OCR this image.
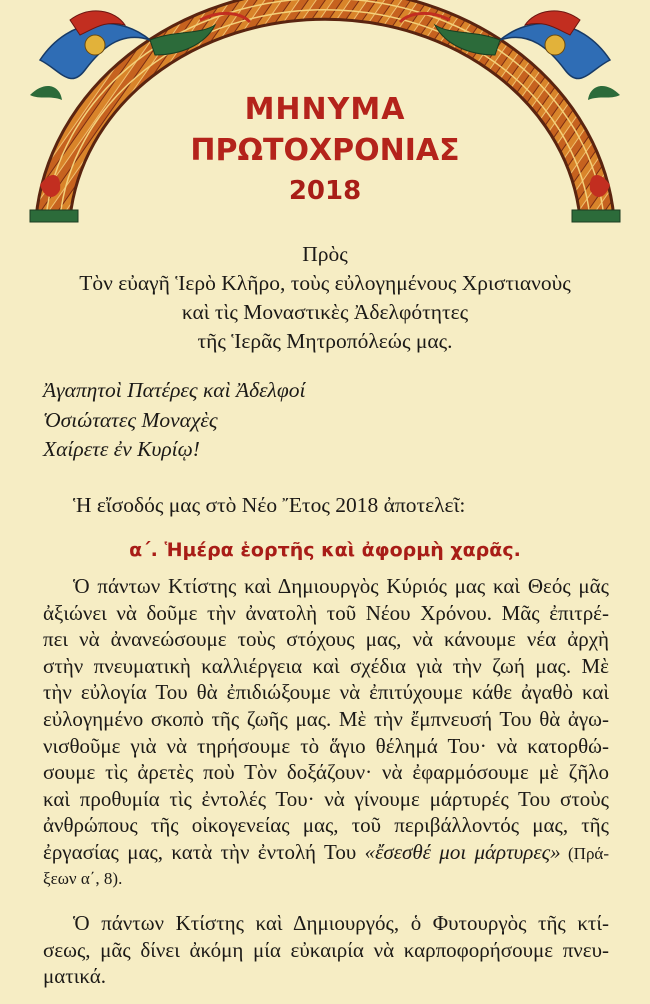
ΜΗΝΥΜΑ
ΠΡΩΤΟΧΡΟΝΙΑΣ
2018
Πρὸς
Τὸν εὐαγῆ Ἱερὸ Κλῆρο, τοὺς εὐλογημένους Χριστιανοὺς
καὶ τὶς Μοναστικὲς Ἀδελφότητες
τῆς Ἱερᾶς Μητροπόλεώς μας.
Ἀγαπητοὶ Πατέρες καὶ Ἀδελφοί
Ὁσιώτατες Μοναχὲς
Χαίρετε ἐν Κυρίῳ!
Ἡ εἴσοδός μας στὸ Νέο Ἔτος 2018 ἀποτελεῖ:
α΄. Ἡμέρα ἑορτῆς καὶ ἀφορμὴ χαρᾶς.
Ὁ πάντων Κτίστης καὶ Δημιουργὸς Κύριός μας καὶ Θεός μᾶς
ἀξιώνει νὰ δοῦμε τὴν ἀνατολὴ τοῦ Νέου Χρόνου. Μᾶς ἐπιτρέ-
πει νὰ ἀνανεώσουμε τοὺς στόχους μας, νὰ κάνουμε νέα ἀρχὴ
στὴν πνευματικὴ καλλιέργεια καὶ σχέδια γιὰ τὴν ζωή μας. Μὲ
τὴν εὐλογία Του θὰ ἐπιδιώξουμε νὰ ἐπιτύχουμε κάθε ἀγαθὸ καὶ
εὐλογημένο σκοπὸ τῆς ζωῆς μας. Μὲ τὴν ἔμπνευσή Του θὰ ἀγω-
νισθοῦμε γιὰ νὰ τηρήσουμε τὸ ἅγιο θέλημά Του· νὰ κατορθώ-
σουμε τὶς ἀρετὲς ποὺ Τὸν δοξάζουν· νὰ ἐφαρμόσουμε μὲ ζῆλο
καὶ προθυμία τὶς ἐντολές Του· νὰ γίνουμε μάρτυρές Του στοὺς
ἀνθρώπους τῆς οἰκογενείας μας, τοῦ περιβάλλοντός μας, τῆς
ἐργασίας μας, κατὰ τὴν ἐντολή Του «ἔσεσθέ μοι μάρτυρες» (Πρά-
ξεων α΄, 8).
Ὁ πάντων Κτίστης καὶ Δημιουργός, ὁ Φυτουργὸς τῆς κτί-
σεως, μᾶς δίνει ἀκόμη μία εὐκαιρία νὰ καρποφορήσουμε πνευ-
ματικά.
